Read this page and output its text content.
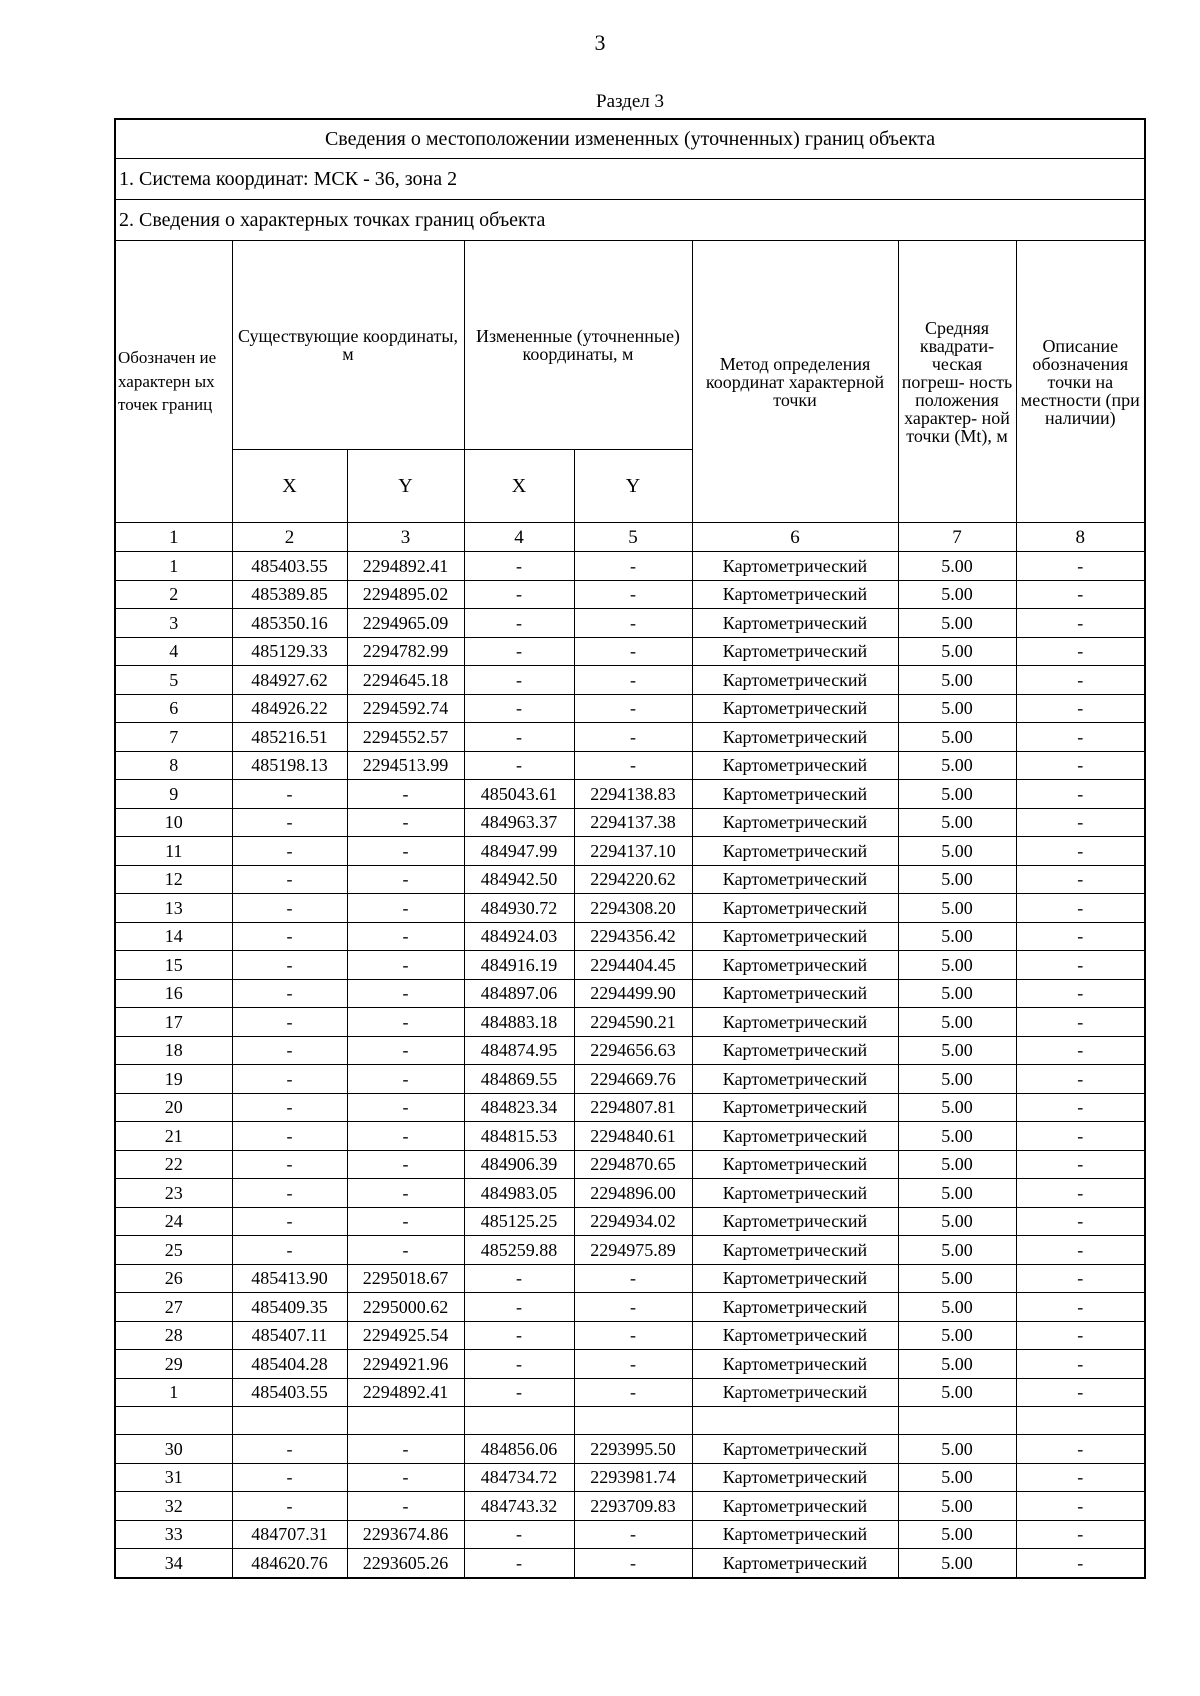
3
Раздел 3
Сведения о местоположении измененных (уточненных) границ объекта							
1. Система координат: МСК - 36, зона 2							
2. Сведения о характерных точках границ объекта							
Обозначен ие характерн ых точек границ	Существующие координаты, м		Измененные (уточненные) координаты, м		Метод определения координат характерной точки	Средняя квадрати- ческая погреш- ность положения характер- ной точки (Mt), м	Описание обозначения точки на местности (при наличии)
	X	Y	X	Y			
1	2	3	4	5	6	7	8
1	485403.55	2294892.41	-	-	Картометрический	5.00	-
2	485389.85	2294895.02	-	-	Картометрический	5.00	-
3	485350.16	2294965.09	-	-	Картометрический	5.00	-
4	485129.33	2294782.99	-	-	Картометрический	5.00	-
5	484927.62	2294645.18	-	-	Картометрический	5.00	-
6	484926.22	2294592.74	-	-	Картометрический	5.00	-
7	485216.51	2294552.57	-	-	Картометрический	5.00	-
8	485198.13	2294513.99	-	-	Картометрический	5.00	-
9	-	-	485043.61	2294138.83	Картометрический	5.00	-
10	-	-	484963.37	2294137.38	Картометрический	5.00	-
11	-	-	484947.99	2294137.10	Картометрический	5.00	-
12	-	-	484942.50	2294220.62	Картометрический	5.00	-
13	-	-	484930.72	2294308.20	Картометрический	5.00	-
14	-	-	484924.03	2294356.42	Картометрический	5.00	-
15	-	-	484916.19	2294404.45	Картометрический	5.00	-
16	-	-	484897.06	2294499.90	Картометрический	5.00	-
17	-	-	484883.18	2294590.21	Картометрический	5.00	-
18	-	-	484874.95	2294656.63	Картометрический	5.00	-
19	-	-	484869.55	2294669.76	Картометрический	5.00	-
20	-	-	484823.34	2294807.81	Картометрический	5.00	-
21	-	-	484815.53	2294840.61	Картометрический	5.00	-
22	-	-	484906.39	2294870.65	Картометрический	5.00	-
23	-	-	484983.05	2294896.00	Картометрический	5.00	-
24	-	-	485125.25	2294934.02	Картометрический	5.00	-
25	-	-	485259.88	2294975.89	Картометрический	5.00	-
26	485413.90	2295018.67	-	-	Картометрический	5.00	-
27	485409.35	2295000.62	-	-	Картометрический	5.00	-
28	485407.11	2294925.54	-	-	Картометрический	5.00	-
29	485404.28	2294921.96	-	-	Картометрический	5.00	-
1	485403.55	2294892.41	-	-	Картометрический	5.00	-

30	-	-	484856.06	2293995.50	Картометрический	5.00	-
31	-	-	484734.72	2293981.74	Картометрический	5.00	-
32	-	-	484743.32	2293709.83	Картометрический	5.00	-
33	484707.31	2293674.86	-	-	Картометрический	5.00	-
34	484620.76	2293605.26	-	-	Картометрический	5.00	-
